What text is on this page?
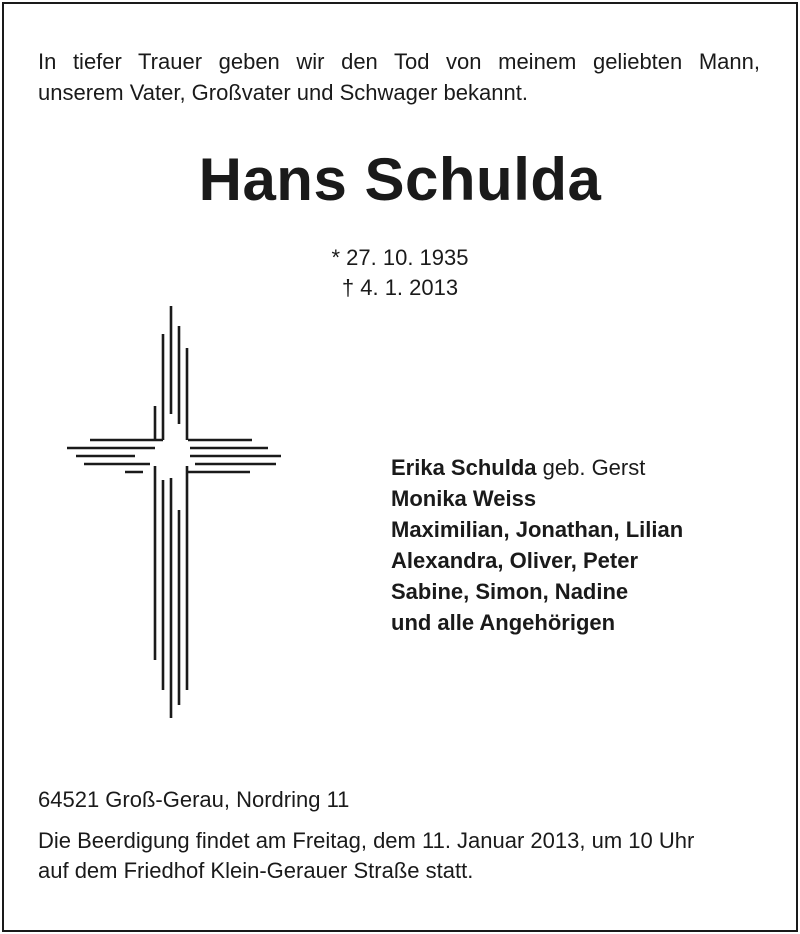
In tiefer Trauer geben wir den Tod von meinem geliebten Mann,
unserem Vater, Großvater und Schwager bekannt.

Hans Schulda
* 27. 10. 1935
† 4. 1. 2013
Erika Schulda geb. Gerst
Monika Weiss
Maximilian, Jonathan, Lilian
Alexandra, Oliver, Peter
Sabine, Simon, Nadine
und alle Angehörigen
64521 Groß-Gerau, Nordring 11
Die Beerdigung findet am Freitag, dem 11. Januar 2013, um 10 Uhr
auf dem Friedhof Klein-Gerauer Straße statt.
